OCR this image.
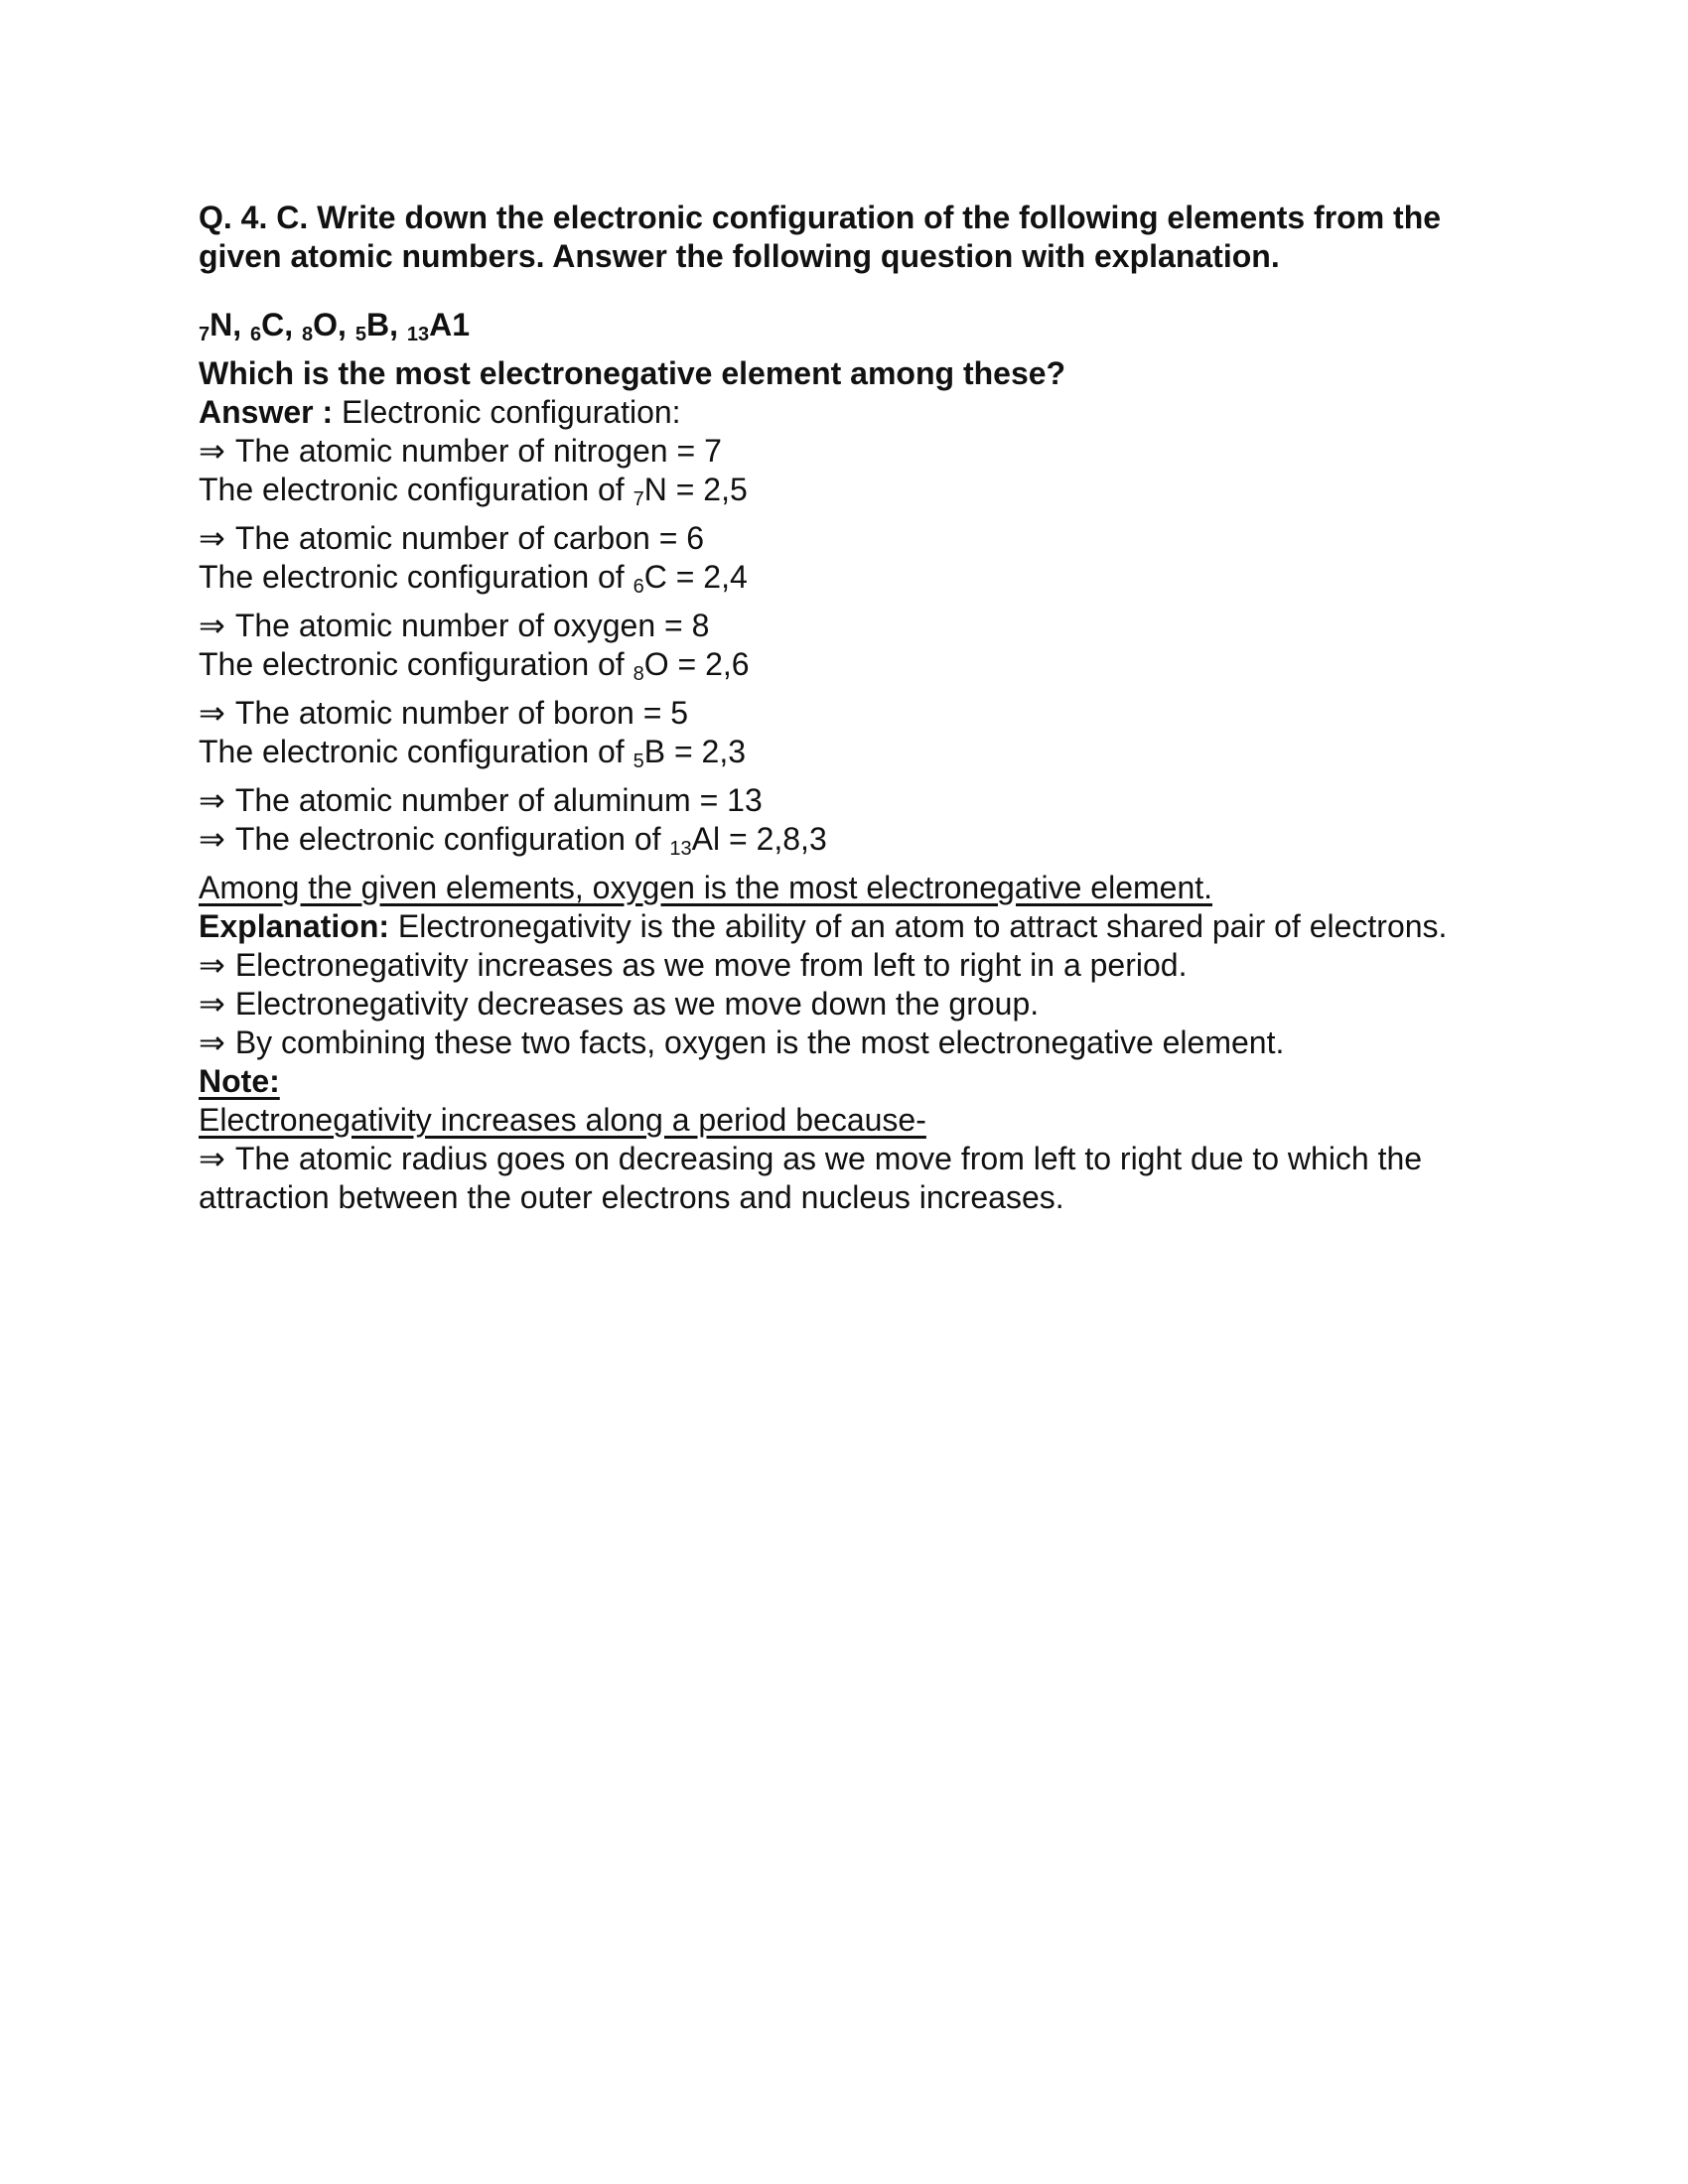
Q. 4. C. Write down the electronic configuration of the following elements from the given atomic numbers. Answer the following question with explanation.

$_7$N, $_6$C, $_8$O, $_5$B, $_{13}$A1

Which is the most electronegative element among these?

Answer : Electronic configuration:

⇒ The atomic number of nitrogen = 7

The electronic configuration of $_7$N = 2,5

⇒ The atomic number of carbon = 6

The electronic configuration of $_6$C = 2,4

⇒ The atomic number of oxygen = 8

The electronic configuration of $_8$O = 2,6

⇒ The atomic number of boron = 5

The electronic configuration of $_5$B = 2,3

⇒ The atomic number of aluminum = 13

⇒ The electronic configuration of $_{13}$Al = 2,8,3

Among the given elements, oxygen is the most electronegative element.

Explanation: Electronegativity is the ability of an atom to attract shared pair of electrons.

⇒ Electronegativity increases as we move from left to right in a period.

⇒ Electronegativity decreases as we move down the group.

⇒ By combining these two facts, oxygen is the most electronegative element.

Note:

Electronegativity increases along a period because-

⇒ The atomic radius goes on decreasing as we move from left to right due to which the attraction between the outer electrons and nucleus increases.
